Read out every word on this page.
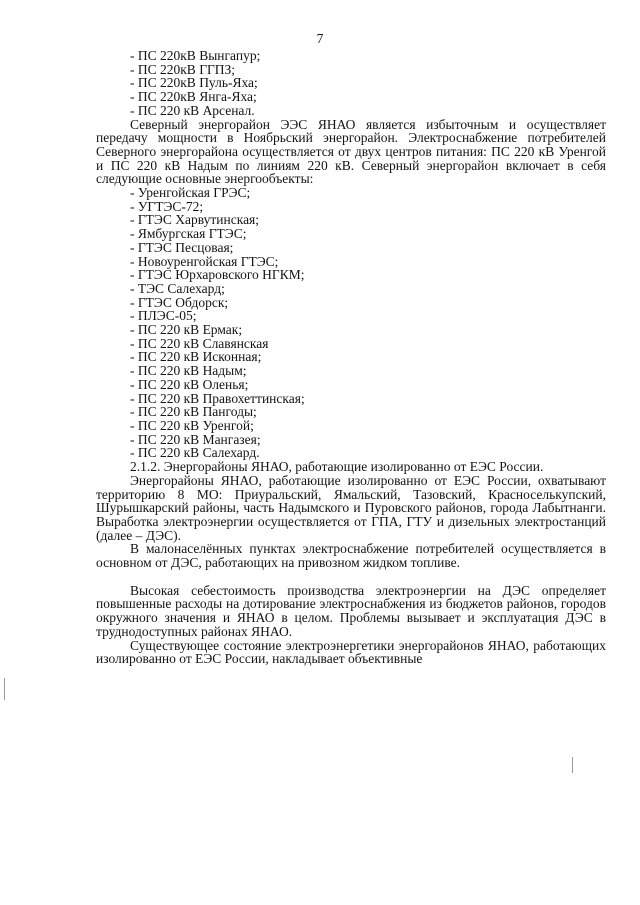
7
- ПС 220кВ Вынгапур;
- ПС 220кВ ГГПЗ;
- ПС 220кВ Пуль-Яха;
- ПС 220кВ Янга-Яха;
- ПС 220 кВ Арсенал.

Северный энергорайон ЭЭС ЯНАО является избыточным и осуществляет передачу мощности в Ноябрьский энергорайон. Электроснабжение потребителей Северного энергорайона осуществляется от двух центров питания: ПС 220 кВ Уренгой и ПС 220 кВ Надым по линиям 220 кВ. Северный энергорайон включает в себя следующие основные энергообъекты:

- Уренгойская ГРЭС;
- УГТЭС-72;
- ГТЭС Харвутинская;
- Ямбургская ГТЭС;
- ГТЭС Песцовая;
- Новоуренгойская ГТЭС;
- ГТЭС Юрхаровского НГКМ;
- ТЭС Салехард;
- ГТЭС Обдорск;
- ПЛЭС-05;
- ПС 220 кВ Ермак;
- ПС 220 кВ Славянская
- ПС 220 кВ Исконная;
- ПС 220 кВ Надым;
- ПС 220 кВ Оленья;
- ПС 220 кВ Правохеттинская;
- ПС 220 кВ Пангоды;
- ПС 220 кВ Уренгой;
- ПС 220 кВ Мангазея;
- ПС 220 кВ Салехард.

2.1.2. Энергорайоны ЯНАО, работающие изолированно от ЕЭС России.

Энергорайоны ЯНАО, работающие изолированно от ЕЭС России, охватывают территорию 8 МО: Приуральский, Ямальский, Тазовский, Красноселькупский, Шурышкарский районы, часть Надымского и Пуровского районов, города Лабытнанги. Выработка электроэнергии осуществляется от ГПА, ГТУ и дизельных электростанций (далее – ДЭС).

В малонаселённых пунктах электроснабжение потребителей осуществляется в основном от ДЭС, работающих на привозном жидком топливе.

Высокая себестоимость производства электроэнергии на ДЭС определяет повышенные расходы на дотирование электроснабжения из бюджетов районов, городов окружного значения и ЯНАО в целом. Проблемы вызывает и эксплуатация ДЭС в труднодоступных районах ЯНАО.

Существующее состояние электроэнергетики энергорайонов ЯНАО, работающих изолированно от ЕЭС России, накладывает объективные
